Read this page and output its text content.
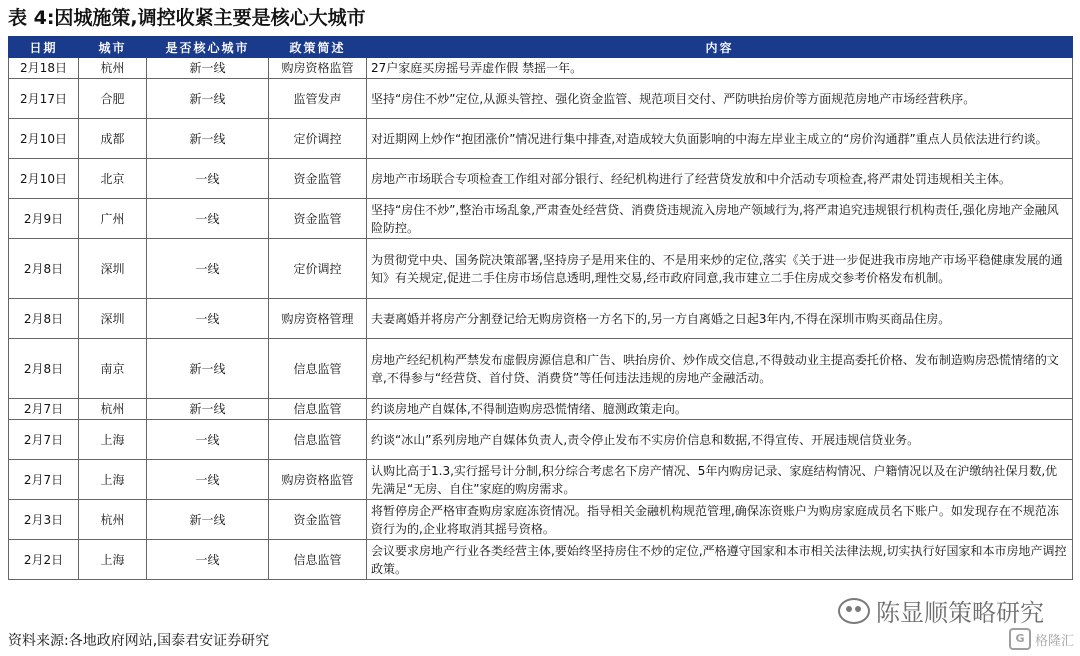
表 4:因城施策,调控收紧主要是核心大城市
日期	城市	是否核心城市	政策简述	内容
2月18日	杭州	新一线	购房资格监管	27户家庭买房摇号弄虚作假 禁摇一年。
2月17日	合肥	新一线	监管发声	坚持“房住不炒”定位,从源头管控、强化资金监管、规范项目交付、严防哄抬房价等方面规范房地产市场经营秩序。
2月10日	成都	新一线	定价调控	对近期网上炒作“抱团涨价”情况进行集中排查,对造成较大负面影响的中海左岸业主成立的“房价沟通群”重点人员依法进行约谈。
2月10日	北京	一线	资金监管	房地产市场联合专项检查工作组对部分银行、经纪机构进行了经营贷发放和中介活动专项检查,将严肃处罚违规相关主体。
2月9日	广州	一线	资金监管	坚持“房住不炒”,整治市场乱象,严肃查处经营贷、消费贷违规流入房地产领域行为,将严肃追究违规银行机构责任,强化房地产金融风险防控。
2月8日	深圳	一线	定价调控	为贯彻党中央、国务院决策部署,坚持房子是用来住的、不是用来炒的定位,落实《关于进一步促进我市房地产市场平稳健康发展的通知》有关规定,促进二手住房市场信息透明,理性交易,经市政府同意,我市建立二手住房成交参考价格发布机制。
2月8日	深圳	一线	购房资格管理	夫妻离婚并将房产分割登记给无购房资格一方名下的,另一方自离婚之日起3年内,不得在深圳市购买商品住房。
2月8日	南京	新一线	信息监管	房地产经纪机构严禁发布虚假房源信息和广告、哄抬房价、炒作成交信息,不得鼓动业主提高委托价格、发布制造购房恐慌情绪的文章,不得参与“经营贷、首付贷、消费贷”等任何违法违规的房地产金融活动。
2月7日	杭州	新一线	信息监管	约谈房地产自媒体,不得制造购房恐慌情绪、臆测政策走向。
2月7日	上海	一线	信息监管	约谈“冰山”系列房地产自媒体负责人,责令停止发布不实房价信息和数据,不得宣传、开展违规信贷业务。
2月7日	上海	一线	购房资格监管	认购比高于1.3,实行摇号计分制,积分综合考虑名下房产情况、5年内购房记录、家庭结构情况、户籍情况以及在沪缴纳社保月数,优先满足“无房、自住”家庭的购房需求。
2月3日	杭州	新一线	资金监管	将暂停房企严格审查购房家庭冻资情况。指导相关金融机构规范管理,确保冻资账户为购房家庭成员名下账户。如发现存在不规范冻资行为的,企业将取消其摇号资格。
2月2日	上海	一线	信息监管	会议要求房地产行业各类经营主体,要始终坚持房住不炒的定位,严格遵守国家和本市相关法律法规,切实执行好国家和本市房地产调控政策。
陈显顺策略研究
资料来源:各地政府网站,国泰君安证券研究	G 格隆汇
